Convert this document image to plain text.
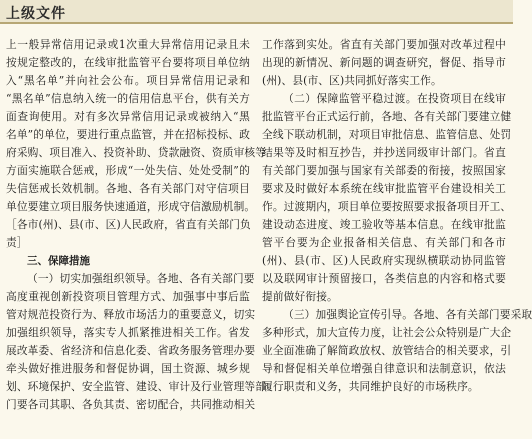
上级文件
上一般异常信用记录或1次重大异常信用记录且未
按规定整改的，在线审批监管平台要将项目单位纳
入“黑名单”并向社会公布。项目异常信用记录和
“黑名单”信息纳入统一的信用信息平台，供有关方
面查询使用。对有多次异常信用记录或被纳入“黑
名单”的单位，要进行重点监管，并在招标投标、政
府采购、项目准入、投资补助、贷款融资、资质审核等
方面实施联合惩戒，形成“一处失信、处处受制”的
失信惩戒长效机制。各地、各有关部门对守信项目
单位要建立项目服务快速通道，形成守信激励机制。
［各市(州)、县(市、区)人民政府，省直有关部门负
责］
三、保障措施
（一）切实加强组织领导。各地、各有关部门要
高度重视创新投资项目管理方式、加强事中事后监
管对规范投资行为、释放市场活力的重要意义，切实
加强组织领导，落实专人抓紧推进相关工作。省发
展改革委、省经济和信息化委、省政务服务管理办要
牵头做好推进服务和督促协调，国土资源、城乡规
划、环境保护、安全监管、建设、审计及行业管理等部
门要各司其职、各负其责、密切配合，共同推动相关
工作落到实处。省直有关部门要加强对改革过程中
出现的新情况、新问题的调查研究，督促、指导市
(州)、县(市、区)共同抓好落实工作。
（二）保障监管平稳过渡。在投资项目在线审
批监管平台正式运行前，各地、各有关部门要建立健
全线下联动机制，对项目审批信息、监管信息、处罚
结果等及时相互抄告，并抄送同级审计部门。省直
有关部门要加强与国家有关部委的衔接，按照国家
要求及时做好本系统在线审批监管平台建设相关工
作。过渡期内，项目单位要按照要求报备项目开工、
建设动态进度、竣工验收等基本信息。在线审批监
管平台要为企业报备相关信息、有关部门和各市
(州)、县(市、区)人民政府实现纵横联动协同监管
以及联网审计预留接口，各类信息的内容和格式要
提前做好衔接。
（三）加强舆论宣传引导。各地、各有关部门要采取
多种形式，加大宣传力度，让社会公众特别是广大企
业全面准确了解简政放权、放管结合的相关要求，引
导和督促相关单位增强自律意识和法制意识，依法
履行职责和义务，共同维护良好的市场秩序。
